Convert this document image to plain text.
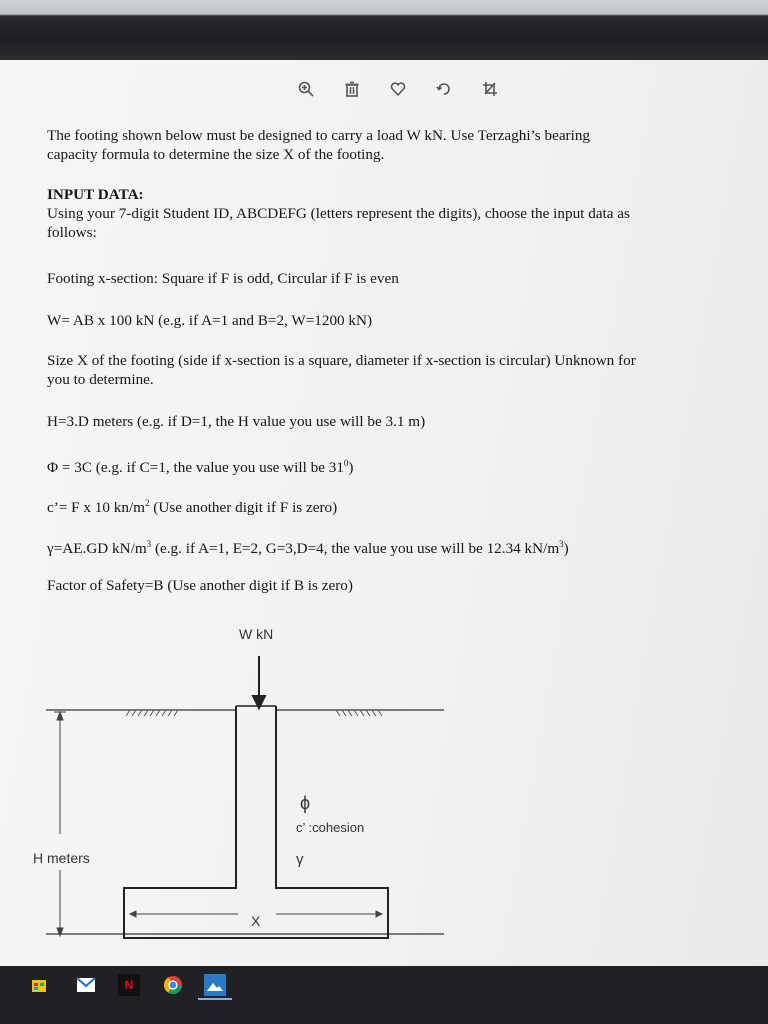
The footing shown below must be designed to carry a load W kN. Use Terzaghi’s bearing

capacity formula to determine the size X of the footing.

INPUT DATA:

Using your 7-digit Student ID, ABCDEFG (letters represent the digits), choose the input data as

follows:

Footing x-section: Square if F is odd, Circular if F is even

W= AB x 100 kN (e.g. if A=1 and B=2, W=1200 kN)

Size X of the footing (side if x-section is a square, diameter if x-section is circular) Unknown for

you to determine.

H=3.D meters (e.g. if D=1, the H value you use will be 3.1 m)

Φ = 3C (e.g. if C=1, the value you use will be $31^0$)

c’= F x 10 $kn/m^2$ (Use another digit if F is zero)

γ=AE.GD $kN/m^3$ (e.g. if A=1, E=2, G=3,D=4, the value you use will be 12.34 $kN/m^3$)

Factor of Safety=B (Use another digit if B is zero)

W kN
X
H meters
ϕ
c’ :cohesion
γ
N
